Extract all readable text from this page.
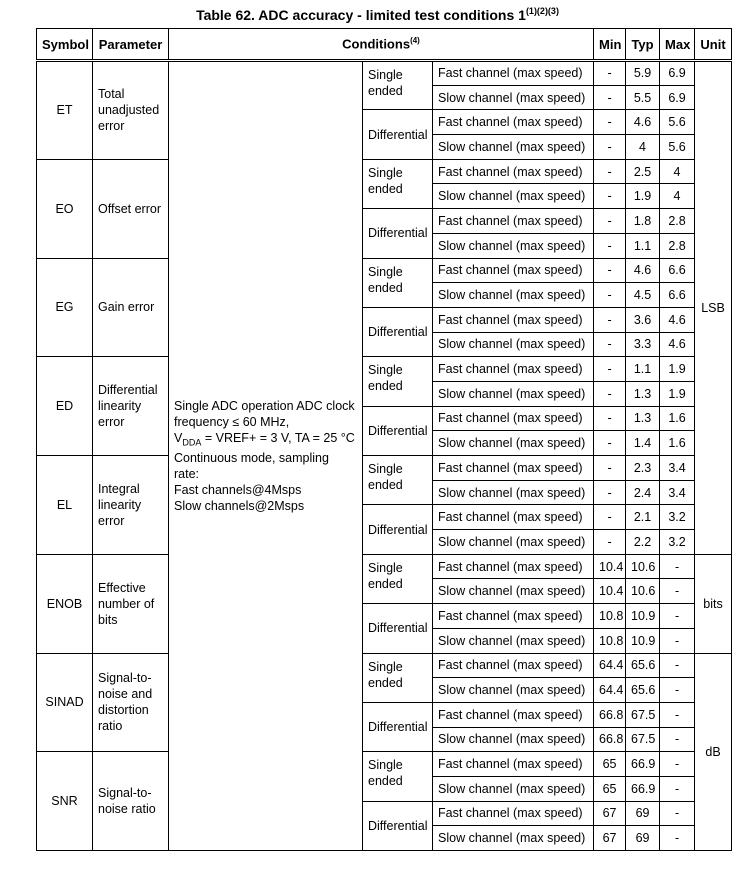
Table 62. ADC accuracy - limited test conditions $1^{(1)(2)(3)}$
Symbol	Parameter	Conditions$^{(4)}$			Min	Typ	Max	Unit
ET	Total unadjusted error	Single ADC operation ADC clock frequency ≤ 60 MHz,
$V_{DDA}$ = VREF+ = 3 V, TA = 25 °C
Continuous mode, sampling rate:
Fast channels@4Msps
Slow channels@2Msps	Single ended	Fast channel (max speed)	-	5.9	6.9	LSB
				Slow channel (max speed)	-	5.5	6.9	
			Differential	Fast channel (max speed)	-	4.6	5.6	
				Slow channel (max speed)	-	4	5.6	
EO	Offset error		Single ended	Fast channel (max speed)	-	2.5	4	
				Slow channel (max speed)	-	1.9	4	
			Differential	Fast channel (max speed)	-	1.8	2.8	
				Slow channel (max speed)	-	1.1	2.8	
EG	Gain error		Single ended	Fast channel (max speed)	-	4.6	6.6	
				Slow channel (max speed)	-	4.5	6.6	
			Differential	Fast channel (max speed)	-	3.6	4.6	
				Slow channel (max speed)	-	3.3	4.6	
ED	Differential linearity error		Single ended	Fast channel (max speed)	-	1.1	1.9	
				Slow channel (max speed)	-	1.3	1.9	
			Differential	Fast channel (max speed)	-	1.3	1.6	
				Slow channel (max speed)	-	1.4	1.6	
EL	Integral linearity error		Single ended	Fast channel (max speed)	-	2.3	3.4	
				Slow channel (max speed)	-	2.4	3.4	
			Differential	Fast channel (max speed)	-	2.1	3.2	
				Slow channel (max speed)	-	2.2	3.2	
ENOB	Effective number of bits		Single ended	Fast channel (max speed)	10.4	10.6	-	bits
				Slow channel (max speed)	10.4	10.6	-	
			Differential	Fast channel (max speed)	10.8	10.9	-	
				Slow channel (max speed)	10.8	10.9	-	
SINAD	Signal-to-noise and distortion ratio		Single ended	Fast channel (max speed)	64.4	65.6	-	dB
				Slow channel (max speed)	64.4	65.6	-	
			Differential	Fast channel (max speed)	66.8	67.5	-	
				Slow channel (max speed)	66.8	67.5	-	
SNR	Signal-to-noise ratio		Single ended	Fast channel (max speed)	65	66.9	-	
				Slow channel (max speed)	65	66.9	-	
			Differential	Fast channel (max speed)	67	69	-	
				Slow channel (max speed)	67	69	-	
